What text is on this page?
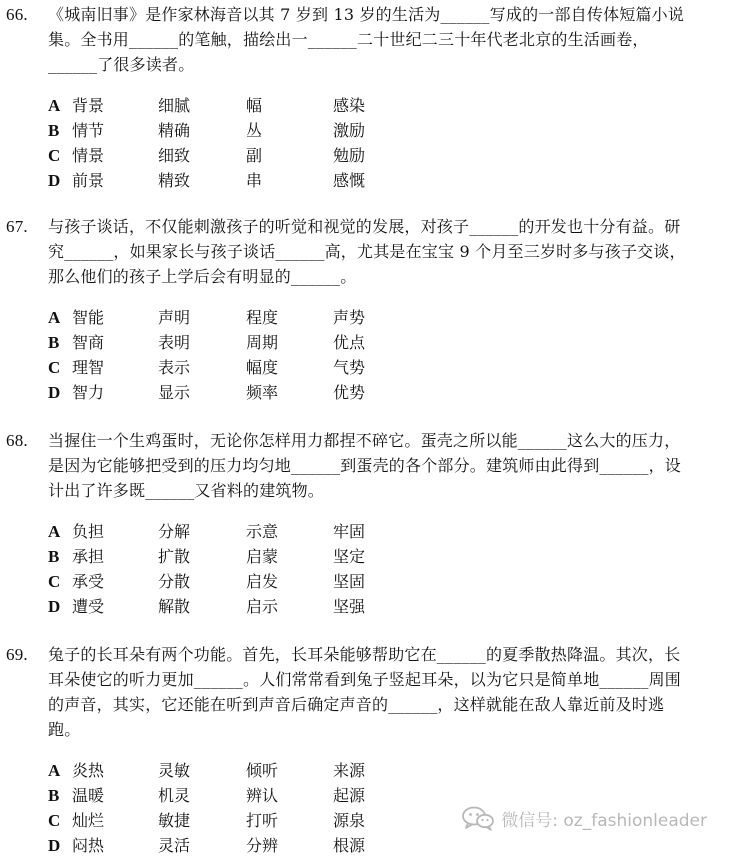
66. 《城南旧事》是作家林海音以其 7 岁到 13 岁的生活为______写成的一部自传体短篇小说集。全书用______的笔触，描绘出一______二十世纪二三十年代老北京的生活画卷，______了很多读者。
A 背景	细腻	幅	感染
B 情节	精确	丛	激励
C 情景	细致	副	勉励
D 前景	精致	串	感慨
67. 与孩子谈话，不仅能刺激孩子的听觉和视觉的发展，对孩子______的开发也十分有益。研究______，如果家长与孩子谈话______高，尤其是在宝宝 9 个月至三岁时多与孩子交谈，那么他们的孩子上学后会有明显的______。
A 智能	声明	程度	声势
B 智商	表明	周期	优点
C 理智	表示	幅度	气势
D 智力	显示	频率	优势
68. 当握住一个生鸡蛋时，无论你怎样用力都捏不碎它。蛋壳之所以能______这么大的压力，是因为它能够把受到的压力均匀地______到蛋壳的各个部分。建筑师由此得到______，设计出了许多既______又省料的建筑物。
A 负担	分解	示意	牢固
B 承担	扩散	启蒙	坚定
C 承受	分散	启发	坚固
D 遭受	解散	启示	坚强
69. 兔子的长耳朵有两个功能。首先，长耳朵能够帮助它在______的夏季散热降温。其次，长耳朵使它的听力更加______。人们常常看到兔子竖起耳朵，以为它只是简单地______周围的声音，其实，它还能在听到声音后确定声音的______，这样就能在敌人靠近前及时逃跑。
A 炎热	灵敏	倾听	来源
B 温暖	机灵	辨认	起源
C 灿烂	敏捷	打听	源泉
D 闷热	灵活	分辨	根源
微信号: oz_fashionleader
